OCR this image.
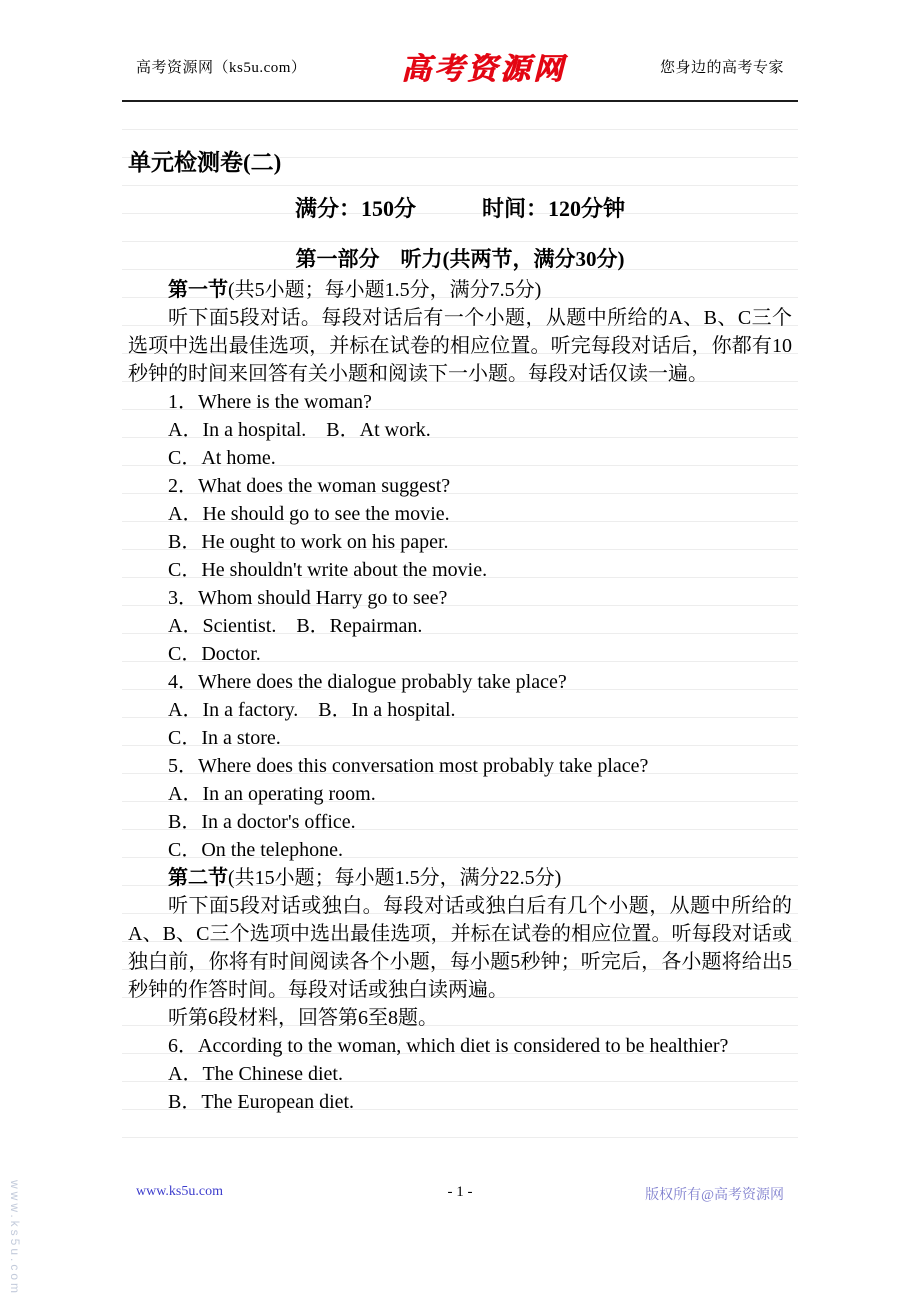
高考资源网（ks5u.com）	高考资源网	您身边的高考专家
单元检测卷(二)
满分：150分　　　时间：120分钟
第一部分　听力(共两节，满分30分)
第一节(共5小题；每小题1.5分，满分7.5分)
听下面5段对话。每段对话后有一个小题，从题中所给的A、B、C三个选项中选出最佳选项，并标在试卷的相应位置。听完每段对话后，你都有10秒钟的时间来回答有关小题和阅读下一小题。每段对话仅读一遍。
1．Where is the woman?
A．In a hospital.　B．At work.
C．At home.
2．What does the woman suggest?
A．He should go to see the movie.
B．He ought to work on his paper.
C．He shouldn't write about the movie.
3．Whom should Harry go to see?
A．Scientist.　B．Repairman.
C．Doctor.
4．Where does the dialogue probably take place?
A．In a factory.　B．In a hospital.
C．In a store.
5．Where does this conversation most probably take place?
A．In an operating room.
B．In a doctor's office.
C．On the telephone.
第二节(共15小题；每小题1.5分，满分22.5分)
听下面5段对话或独白。每段对话或独白后有几个小题，从题中所给的A、B、C三个选项中选出最佳选项，并标在试卷的相应位置。听每段对话或独白前，你将有时间阅读各个小题，每小题5秒钟；听完后，各小题将给出5秒钟的作答时间。每段对话或独白读两遍。
听第6段材料，回答第6至8题。
6．According to the woman, which diet is considered to be healthier?
A．The Chinese diet.
B．The European diet.
www.ks5u.com	- 1 -	版权所有@高考资源网
www.ks5u.com
